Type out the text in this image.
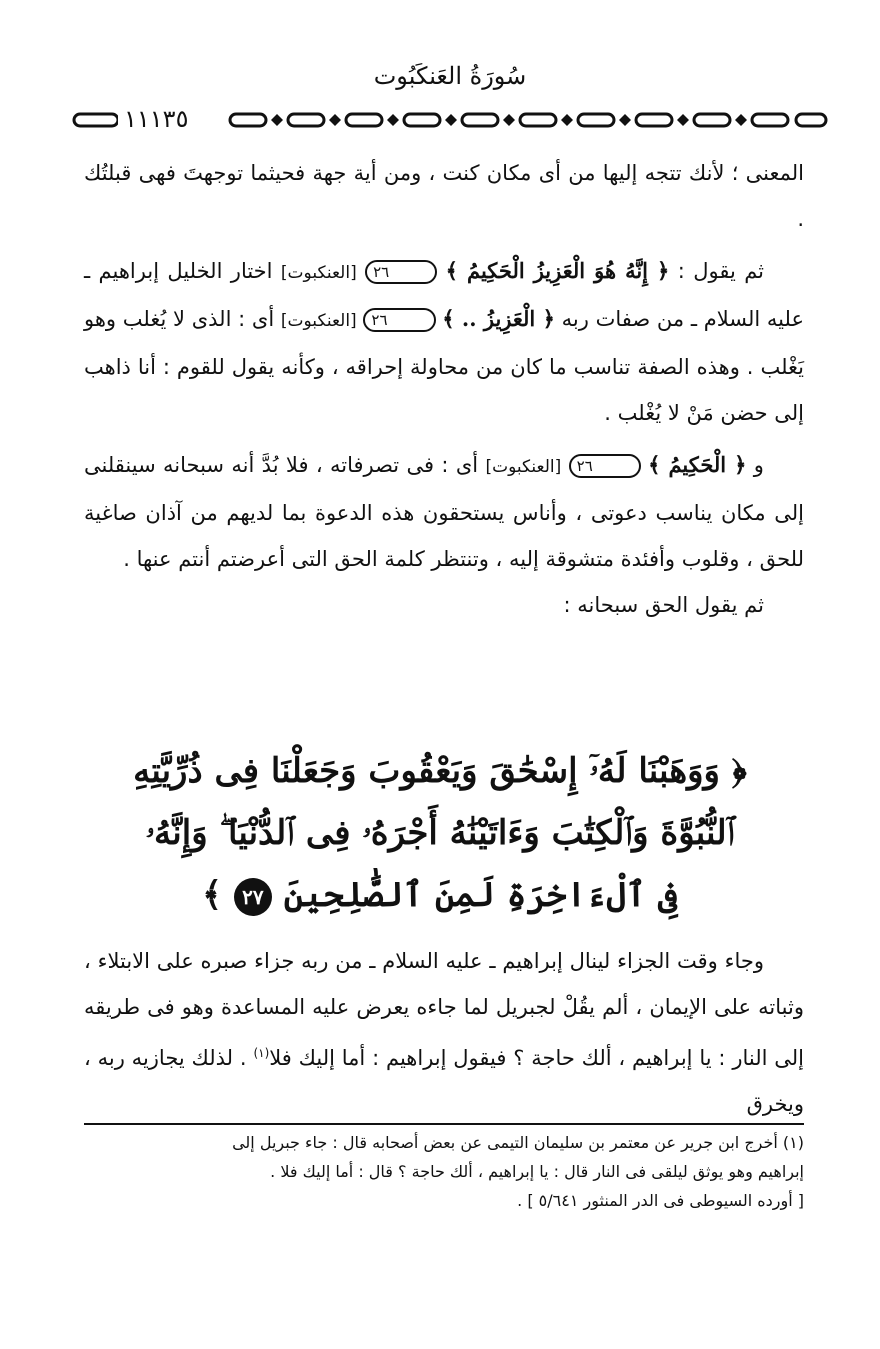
سُورَةُ العَنكَبُوت
١١١٣٥

المعنى ؛ لأنك تتجه إليها من أى مكان كنت ، ومن أية جهة فحيثما توجهتَ فهى قبلتُك .

ثم يقول : ﴿ إِنَّهُ هُوَ الْعَزِيزُ الْحَكِيمُ ﴾ ٢٦ [العنكبوت] اختار الخليل إبراهيم ـ عليه السلام ـ من صفات ربه ﴿ الْعَزِيزُ .. ﴾ ٢٦ [العنكبوت] أى : الذى لا يُغلب وهو يَغْلب . وهذه الصفة تناسب ما كان من محاولة إحراقه ، وكأنه يقول للقوم : أنا ذاهب إلى حضن مَنْ لا يُغْلب .

و ﴿ الْحَكِيمُ ﴾ ٢٦ [العنكبوت] أى : فى تصرفاته ، فلا بُدَّ أنه سبحانه سينقلنى إلى مكان يناسب دعوتى ، وأناس يستحقون هذه الدعوة بما لديهم من آذان صاغية للحق ، وقلوب وأفئدة متشوقة إليه ، وتنتظر كلمة الحق التى أعرضتم أنتم عنها .

ثم يقول الحق سبحانه :

﴿ وَوَهَبْنَا لَهُۥٓ إِسْحَٰقَ وَيَعْقُوبَ وَجَعَلْنَا فِى ذُرِّيَّتِهِ
ٱلنُّبُوَّةَ وَٱلْكِتَٰبَ وَءَاتَيْنَٰهُ أَجْرَهُۥ فِى ٱلدُّنْيَا ۖ وَإِنَّهُۥ
فِى ٱلْءَاخِرَةِ لَمِنَ ٱلصَّٰلِحِينَ ٢٧ ﴾

وجاء وقت الجزاء لينال إبراهيم ـ عليه السلام ـ من ربه جزاء صبره على الابتلاء ، وثباته على الإيمان ، ألم يقُلْ لجبريل لما جاءه يعرض عليه المساعدة وهو فى طريقه إلى النار : يا إبراهيم ، ألك حاجة ؟ فيقول إبراهيم : أما إليك فلا$^{(١)}$ . لذلك يجازيه ربه ، ويخرق

(١) أخرج ابن جرير عن معتمر بن سليمان التيمى عن بعض أصحابه قال : جاء جبريل إلى
إبراهيم وهو يوثق ليلقى فى النار قال : يا إبراهيم ، ألك حاجة ؟ قال : أما إليك فلا .
[ أورده السيوطى فى الدر المنثور ٥/٦٤١ ] .
